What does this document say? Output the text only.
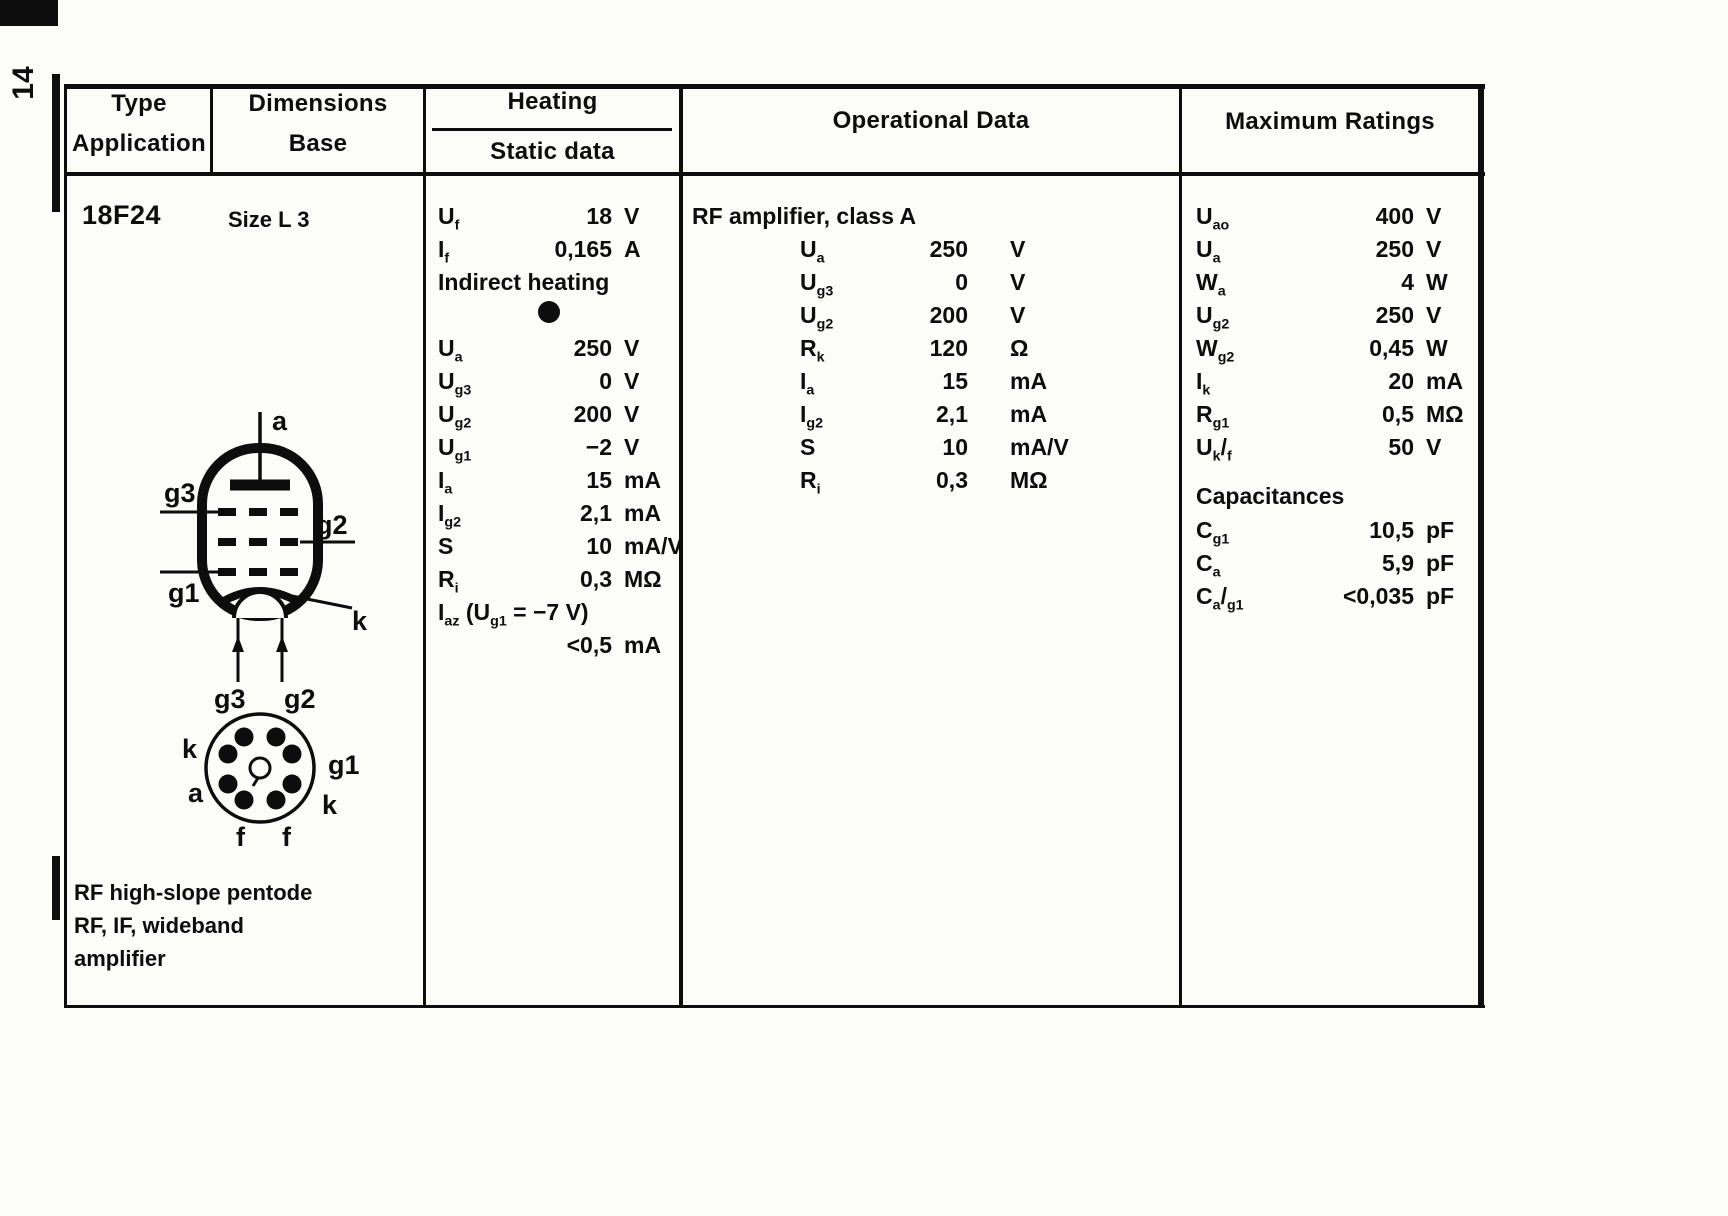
14
Type
Application
Dimensions
Base
Heating
Static data
Operational Data	Maximum Ratings
18F24
RF high-slope pentode
RF, IF, wideband
amplifier
Size L 3
a
g3
g2
g1
k
g3 g2
k
g1
a	k
f f
$U_f$	18 V
$I_f$	0,165 A
Indirect heating
$U_a$	250 V
$U_{g3}$	0 V
$U_{g2}$	200 V
$U_{g1}$	−2 V
$I_a$	15 mA
$I_{g2}$	2,1 mA
S	10 mA/V
$R_i$	0,3 MΩ
$I_{az}$ ($U_{g1} = -7$ V)
<0,5 mA
RF amplifier, class A
$U_a$	250	V
$U_{g3}$	0	V
$U_{g2}$	200	V
$R_k$	120	Ω
$I_a$	15	mA
$I_{g2}$	2,1	mA
S	10	mA/V
$R_i$	0,3	MΩ
$U_{ao}$	400 V
$U_a$	250 V
$W_a$	4 W
$U_{g2}$	250 V
$W_{g2}$	0,45 W
$I_k$	20 mA
$R_{g1}$	0,5 MΩ
$U_k/_f$	50 V
Capacitances
$C_{g1}$	10,5 pF
$C_a$	5,9 pF
$C_a/_{g1}$	<0,035 pF
